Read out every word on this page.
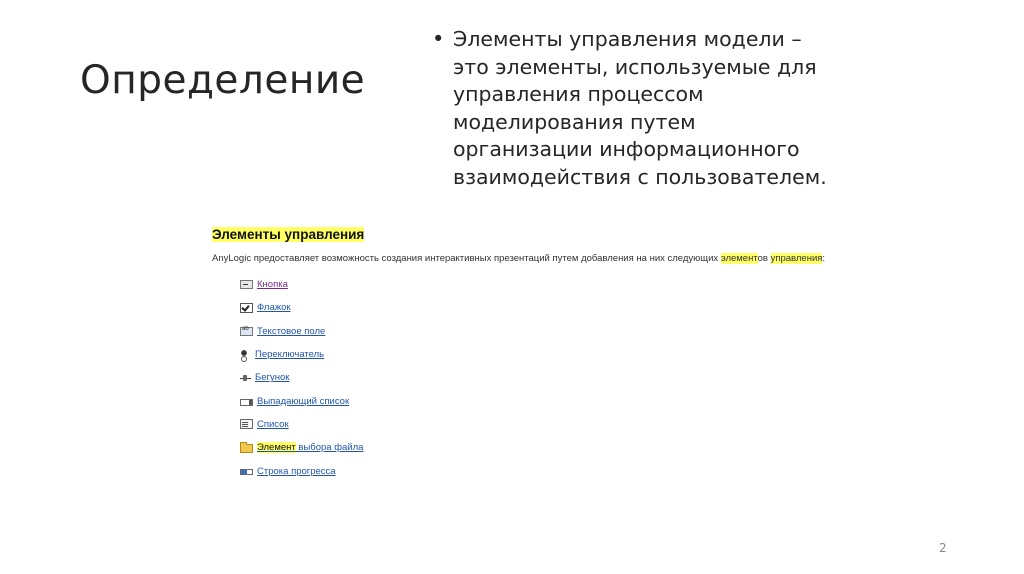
Определение
• Элементы управления модели – это элементы, используемые для управления процессом моделирования путем организации информационного взаимодействия с пользователем.
Элементы управления
AnyLogic предоставляет возможность создания интерактивных презентаций путем добавления на них следующих элементов управления:
Кнопка
Флажок
ab
Текстовое поле
Переключатель
Бегунок
Выпадающий список
Список
Элемент выбора файла
Строка прогресса
2
